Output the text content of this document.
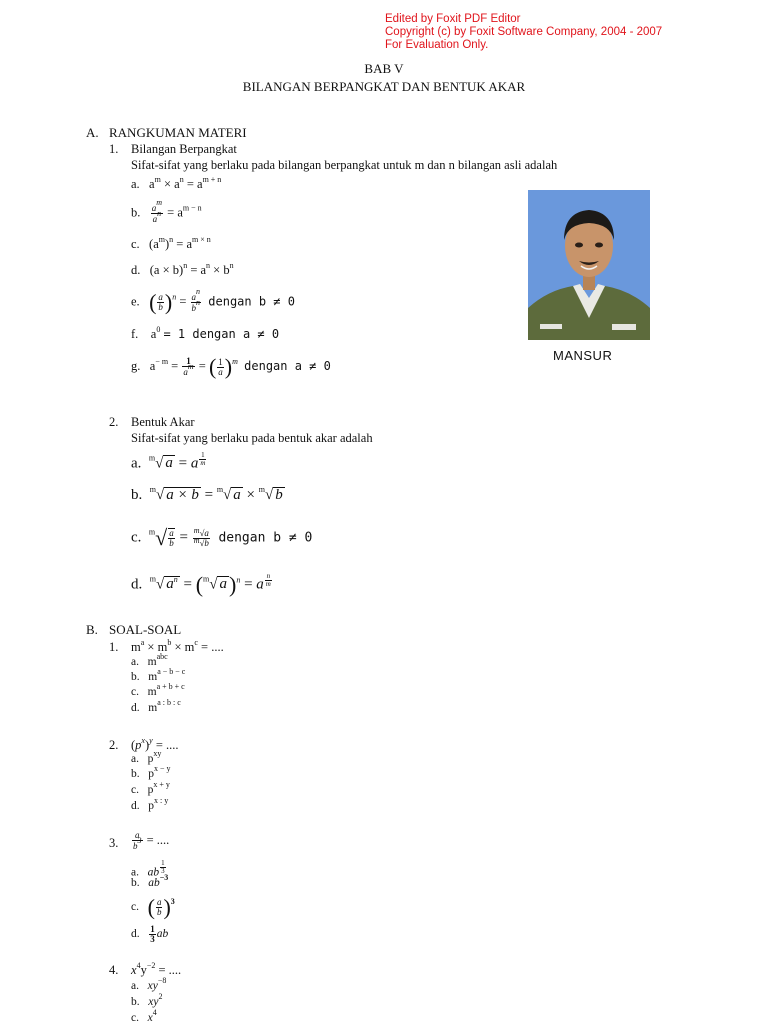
Edited by Foxit PDF Editor
Copyright (c) by Foxit Software Company, 2004 - 2007
For Evaluation Only.
BAB V
BILANGAN BERPANGKAT DAN BENTUK AKAR
A. RANGKUMAN MATERI
1. Bilangan Berpangkat
Sifat-sifat yang berlaku pada bilangan berpangkat untuk m dan n bilangan asli adalah
a.   $a^m \times a^n = a^{m + n}$
b. $\frac{a^m}{a^n} = a^{m - n}$
c.   $(a^m)^n = a^{m \times n}$
d.   $(a \times b)^n = a^n \times b^n$
e.   ( $\frac{a}{b} )^n = \frac{a^n}{b^n}$ dengan b ≠ 0
f.    $a^0 = 1$ dengan a ≠ 0
g.   $a^{- m} = \frac{1}{a^m}$ = ( $\frac{1}{a} )^m$ dengan a ≠ 0
MANSUR
2. Bentuk Akar
Sifat-sifat yang berlaku pada bentuk akar adalah
a.  $^m$√ a = a $^{\frac{1}{m}}$
b.  $^m$√ a × b = $^m$√ a × $^m$√ b
c.  $^m√ \frac{a}{b} = \frac{m√a}{m√b}$ dengan b ≠ 0
d.  $^m$√ $a^n = (^m√$ a)$^n$ = a $^{\frac{n}{m}}$
B. SOAL-SOAL
1. $m^a \times m^b \times m^c$ = ....
a.   $m^{abc}$
b.   $m^{a - b - c}$
c.   $m^{a + b + c}$
d.   $m^{a : b : c}$
2. $(p^x)^y$ = ....
a.   $p^{xy}$
b.   $p^{x - y}$
c.   $p^{x + y}$
d.   $p^{x : y}$
3. $\frac{a}{b^3}$ = ....
a.   ab $^{\frac{1}{3}}$
b.   $ab^{-3}$
c.   ( $\frac{a}{b} )^3$
d. $\frac{1}{3}$ ab
4. $x^4y^{-2}$ = ....
a.   $xy^{-8}$
b.   $xy^2$
c.   $x^4$
